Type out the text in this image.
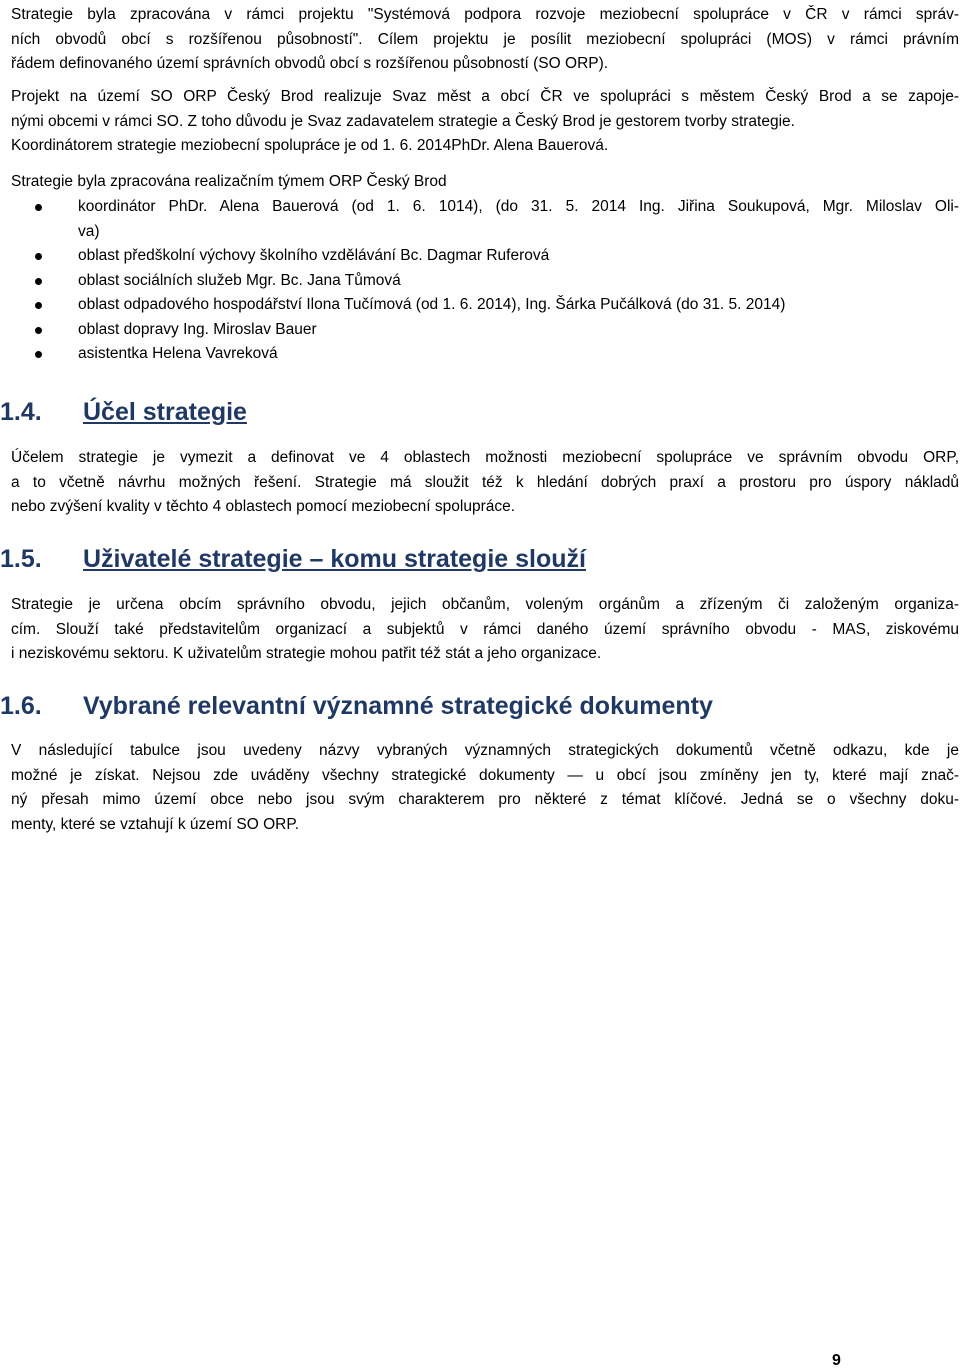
Strategie byla zpracována v rámci projektu "Systémová podpora rozvoje meziobecní spolupráce v ČR v rámci správ-
ních obvodů obcí s rozšířenou působností". Cílem projektu je posílit meziobecní spolupráci (MOS) v rámci právním
řádem definovaného území správních obvodů obcí s rozšířenou působností (SO ORP).

Projekt na území SO ORP Český Brod realizuje Svaz měst a obcí ČR ve spolupráci s městem Český Brod a se zapoje-
nými obcemi v rámci SO. Z toho důvodu je Svaz zadavatelem strategie a Český Brod je gestorem tvorby strategie.
Koordinátorem strategie meziobecní spolupráce je od 1. 6. 2014PhDr. Alena Bauerová.

Strategie byla zpracována realizačním týmem ORP Český Brod

koordinátor PhDr. Alena Bauerová (od 1. 6. 1014), (do 31. 5. 2014 Ing. Jiřina Soukupová, Mgr. Miloslav Oli-
va)
oblast předškolní výchovy školního vzdělávání Bc. Dagmar Ruferová
oblast sociálních služeb Mgr. Bc. Jana Tůmová
oblast odpadového hospodářství Ilona Tučímová (od 1. 6. 2014), Ing. Šárka Pučálková (do 31. 5. 2014)
oblast dopravy Ing. Miroslav Bauer
asistentka Helena Vavreková
1.4. Účel strategie

Účelem strategie je vymezit a definovat ve 4 oblastech možnosti meziobecní spolupráce ve správním obvodu ORP,
a to včetně návrhu možných řešení. Strategie má sloužit též k hledání dobrých praxí a prostoru pro úspory nákladů
nebo zvýšení kvality v těchto 4 oblastech pomocí meziobecní spolupráce.

1.5. Uživatelé strategie – komu strategie slouží

Strategie je určena obcím správního obvodu, jejich občanům, voleným orgánům a zřízeným či založeným organiza-
cím. Slouží také představitelům organizací a subjektů v rámci daného území správního obvodu - MAS, ziskovému
i neziskovému sektoru. K uživatelům strategie mohou patřit též stát a jeho organizace.

1.6. Vybrané relevantní významné strategické dokumenty

V následující tabulce jsou uvedeny názvy vybraných významných strategických dokumentů včetně odkazu, kde je
možné je získat. Nejsou zde uváděny všechny strategické dokumenty — u obcí jsou zmíněny jen ty, které mají znač-
ný přesah mimo území obce nebo jsou svým charakterem pro některé z témat klíčové. Jedná se o všechny doku-
menty, které se vztahují k území SO ORP.

9
